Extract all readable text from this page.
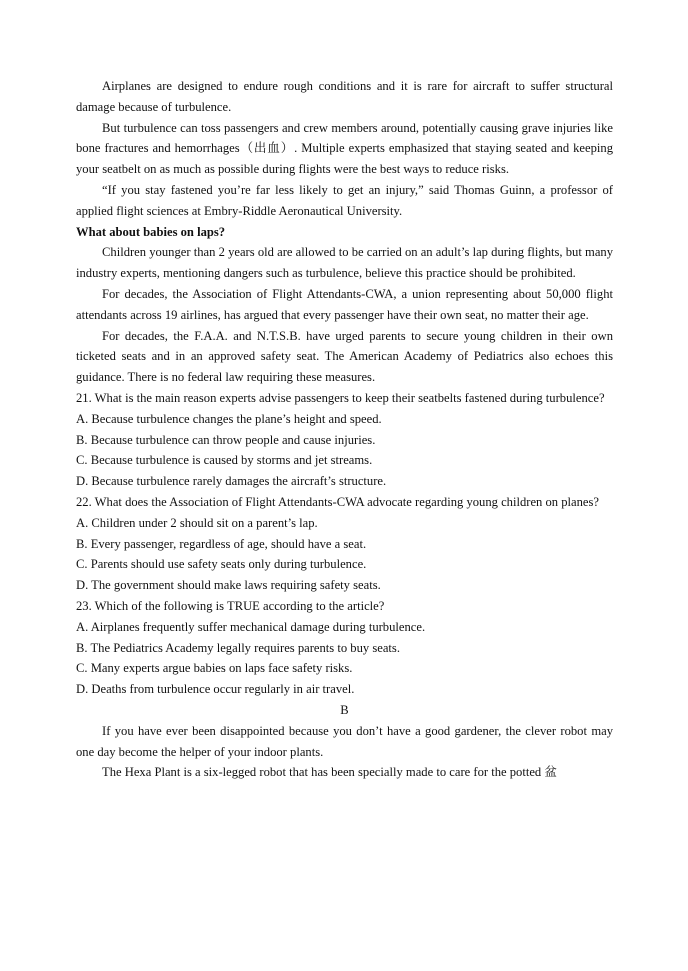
Airplanes are designed to endure rough conditions and it is rare for aircraft to suffer structural damage because of turbulence.

But turbulence can toss passengers and crew members around, potentially causing grave injuries like bone fractures and hemorrhages（出血）. Multiple experts emphasized that staying seated and keeping your seatbelt on as much as possible during flights were the best ways to reduce risks.

“If you stay fastened you’re far less likely to get an injury,” said Thomas Guinn, a professor of applied flight sciences at Embry-Riddle Aeronautical University.

What about babies on laps?

Children younger than 2 years old are allowed to be carried on an adult’s lap during flights, but many industry experts, mentioning dangers such as turbulence, believe this practice should be prohibited.

For decades, the Association of Flight Attendants-CWA, a union representing about 50,000 flight attendants across 19 airlines, has argued that every passenger have their own seat, no matter their age.

For decades, the F.A.A. and N.T.S.B. have urged parents to secure young children in their own ticketed seats and in an approved safety seat. The American Academy of Pediatrics also echoes this guidance. There is no federal law requiring these measures.

21. What is the main reason experts advise passengers to keep their seatbelts fastened during turbulence?

A. Because turbulence changes the plane’s height and speed.

B. Because turbulence can throw people and cause injuries.

C. Because turbulence is caused by storms and jet streams.

D. Because turbulence rarely damages the aircraft’s structure.

22. What does the Association of Flight Attendants-CWA advocate regarding young children on planes?

A. Children under 2 should sit on a parent’s lap.

B. Every passenger, regardless of age, should have a seat.

C. Parents should use safety seats only during turbulence.

D. The government should make laws requiring safety seats.

23. Which of the following is TRUE according to the article?

A. Airplanes frequently suffer mechanical damage during turbulence.

B. The Pediatrics Academy legally requires parents to buy seats.

C. Many experts argue babies on laps face safety risks.

D. Deaths from turbulence occur regularly in air travel.

B

If you have ever been disappointed because you don’t have a good gardener, the clever robot may one day become the helper of your indoor plants.

The Hexa Plant is a six-legged robot that has been specially made to care for the potted 盆
